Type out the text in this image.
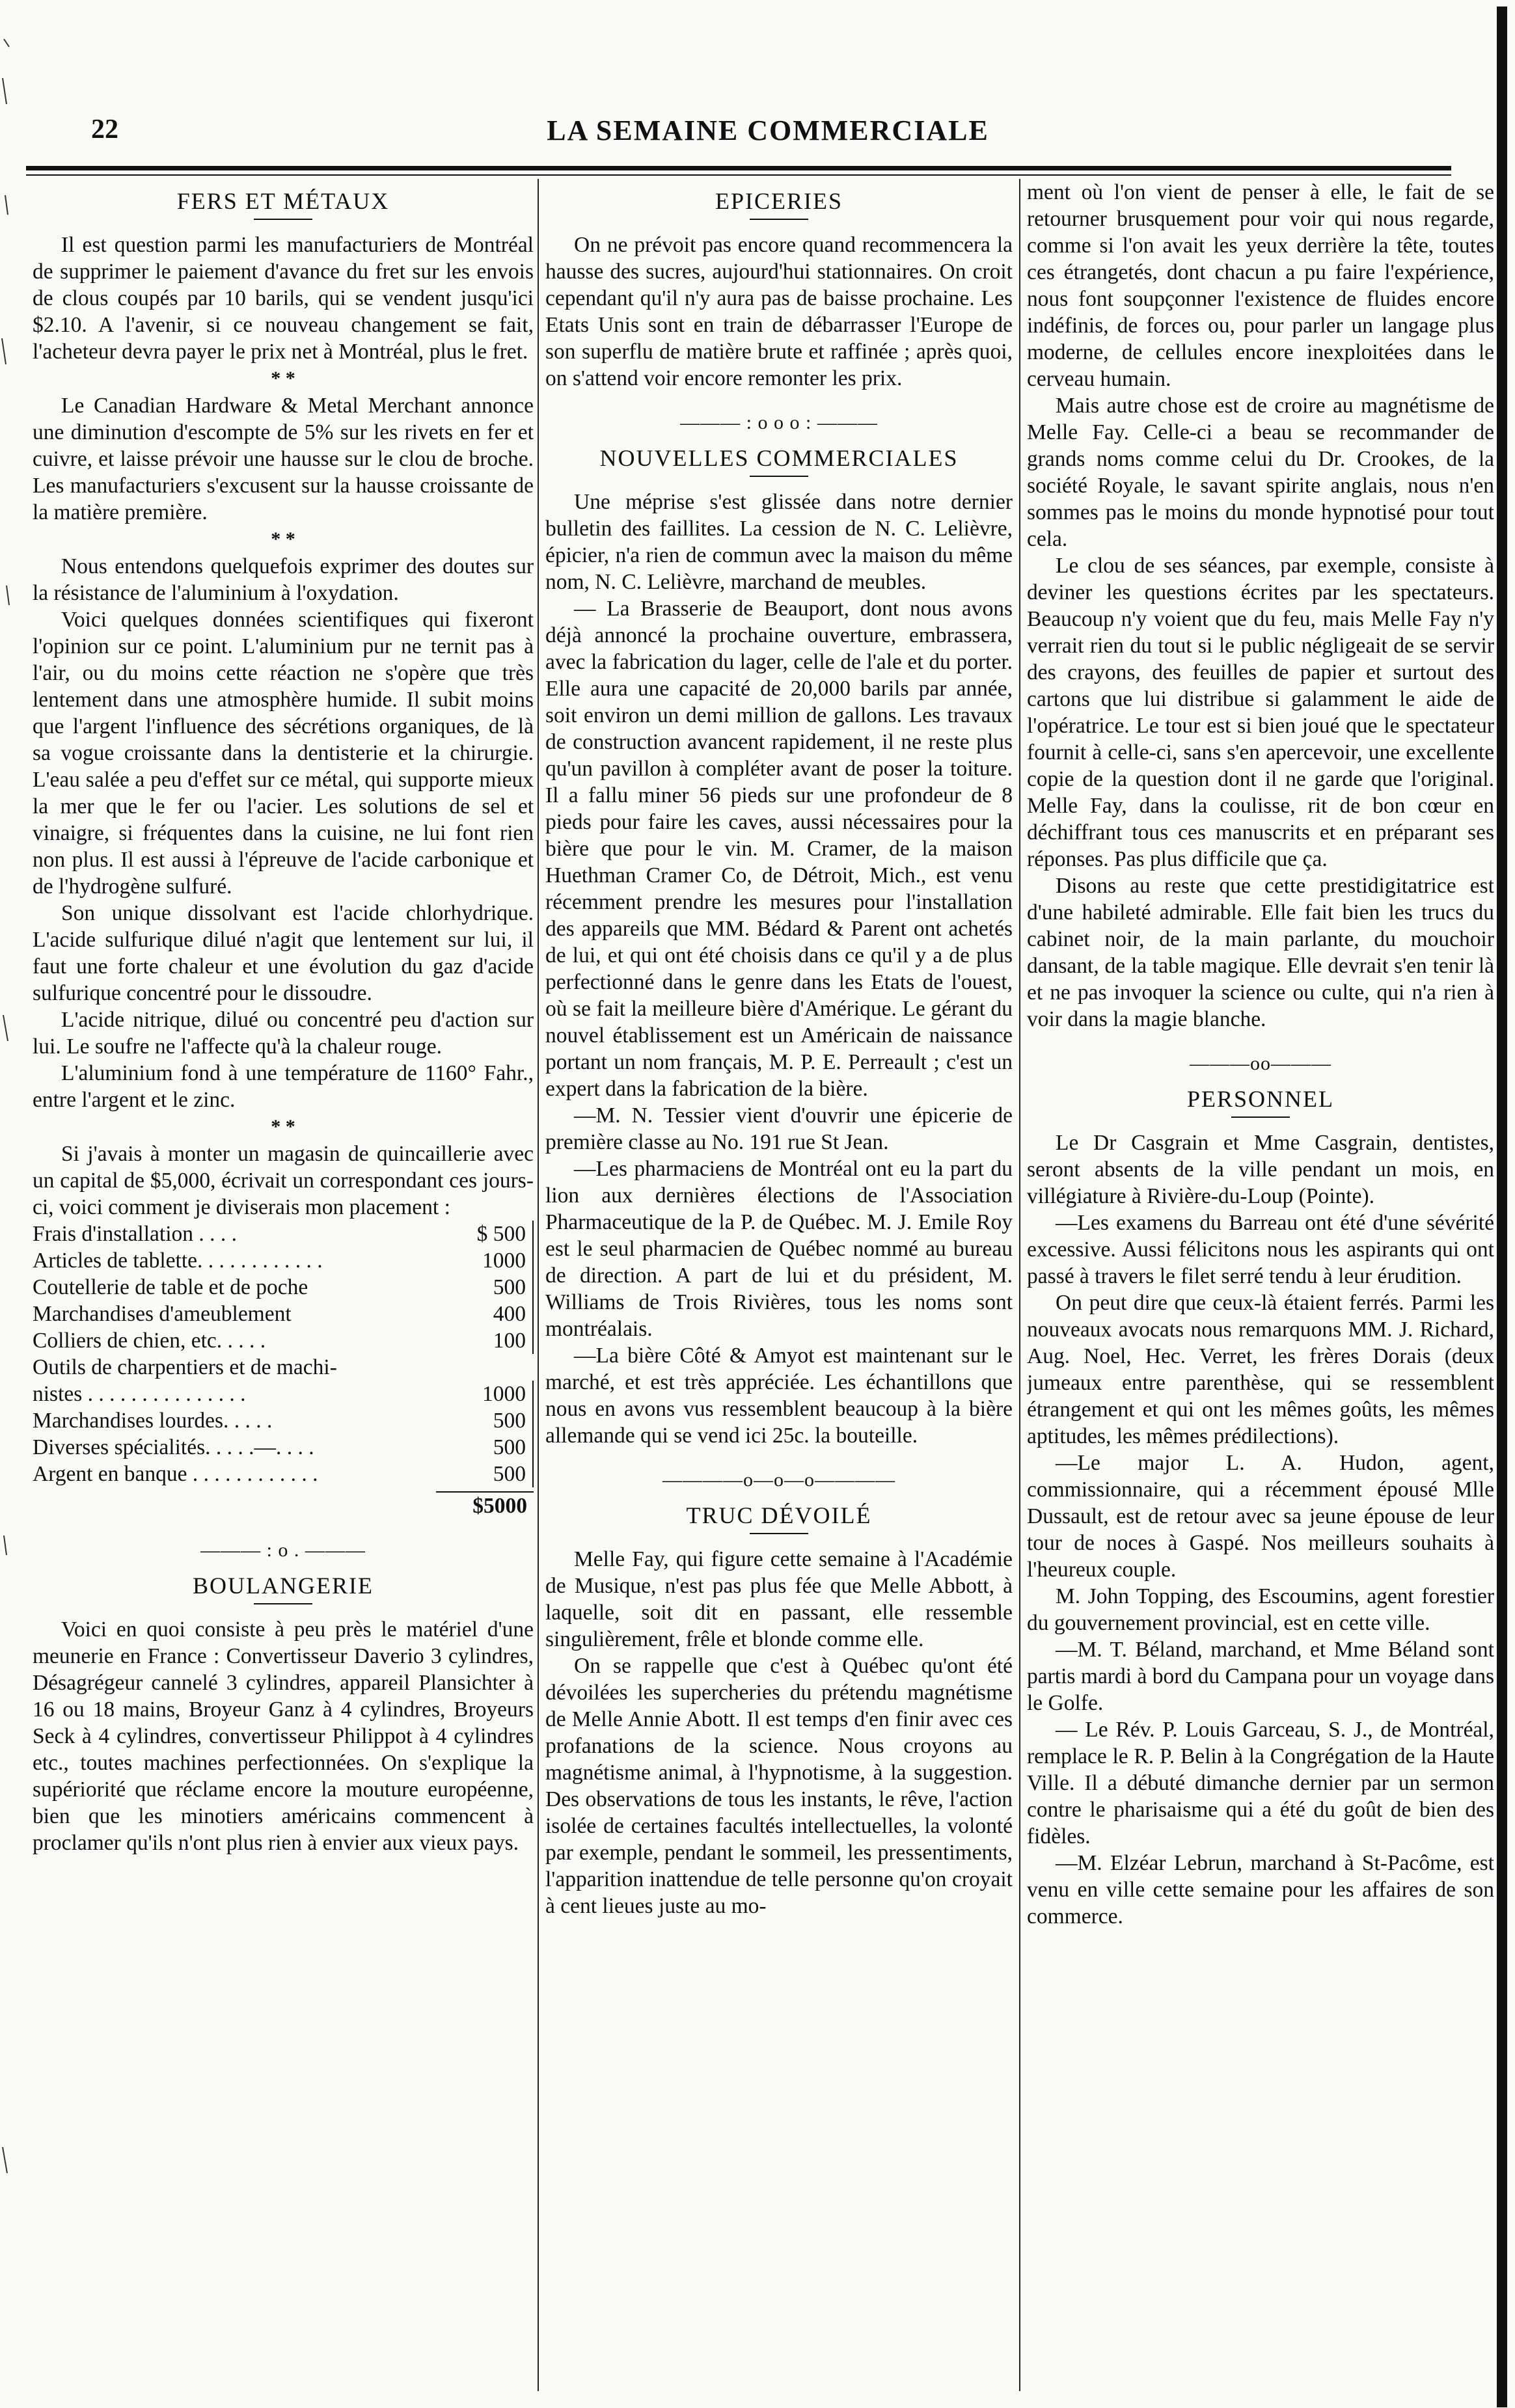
22	LA SEMAINE COMMERCIALE
FERS ET MÉTAUX

Il est question parmi les manufacturiers de Montréal de supprimer le paiement d'avance du fret sur les envois de clous coupés par 10 barils, qui se vendent jusqu'ici $2.10. A l'avenir, si ce nouveau changement se fait, l'acheteur devra payer le prix net à Montréal, plus le fret.

* *

Le Canadian Hardware & Metal Merchant annonce une diminution d'escompte de 5% sur les rivets en fer et cuivre, et laisse prévoir une hausse sur le clou de broche. Les manufacturiers s'excusent sur la hausse croissante de la matière première.

* *

Nous entendons quelquefois exprimer des doutes sur la résistance de l'aluminium à l'oxydation.

Voici quelques données scientifiques qui fixeront l'opinion sur ce point. L'aluminium pur ne ternit pas à l'air, ou du moins cette réaction ne s'opère que très lentement dans une atmosphère humide. Il subit moins que l'argent l'influence des sécrétions organiques, de là sa vogue croissante dans la dentisterie et la chirurgie. L'eau salée a peu d'effet sur ce métal, qui supporte mieux la mer que le fer ou l'acier. Les solutions de sel et vinaigre, si fréquentes dans la cuisine, ne lui font rien non plus. Il est aussi à l'épreuve de l'acide carbonique et de l'hydrogène sulfuré.

Son unique dissolvant est l'acide chlorhydrique. L'acide sulfurique dilué n'agit que lentement sur lui, il faut une forte chaleur et une évolution du gaz d'acide sulfurique concentré pour le dissoudre.

L'acide nitrique, dilué ou concentré peu d'action sur lui. Le soufre ne l'affecte qu'à la chaleur rouge.

L'aluminium fond à une température de 1160° Fahr., entre l'argent et le zinc.

* *

Si j'avais à monter un magasin de quincaillerie avec un capital de $5,000, écrivait un correspondant ces jours-ci, voici comment je diviserais mon placement :

Frais d'installation . . . .	$ 500
Articles de tablette. . . . . . . . . . . .	1000
Coutellerie de table et de poche	500
Marchandises d'ameublement	400
Colliers de chien, etc. . . . .	100
Outils de charpentiers et de machi-
nistes . . . . . . . . . . . . . . .	1000
Marchandises lourdes. . . . .	500
Diverses spécialités. . . . .—. . . .	500
Argent en banque . . . . . . . . . . . .	500
$5000
——— : o . ———
BOULANGERIE

Voici en quoi consiste à peu près le matériel d'une meunerie en France : Convertisseur Daverio 3 cylindres, Désagrégeur cannelé 3 cylindres, appareil Plansichter à 16 ou 18 mains, Broyeur Ganz à 4 cylindres, Broyeurs Seck à 4 cylindres, convertisseur Philippot à 4 cylindres etc., toutes machines perfectionnées. On s'explique la supériorité que réclame encore la mouture européenne, bien que les minotiers américains commencent à proclamer qu'ils n'ont plus rien à envier aux vieux pays.

EPICERIES

On ne prévoit pas encore quand recommencera la hausse des sucres, aujourd'hui stationnaires. On croit cependant qu'il n'y aura pas de baisse prochaine. Les Etats Unis sont en train de débarrasser l'Europe de son superflu de matière brute et raffinée ; après quoi, on s'attend voir encore remonter les prix.

——— : o o o : ———
NOUVELLES COMMERCIALES

Une méprise s'est glissée dans notre dernier bulletin des faillites. La cession de N. C. Lelièvre, épicier, n'a rien de commun avec la maison du même nom, N. C. Lelièvre, marchand de meubles.

— La Brasserie de Beauport, dont nous avons déjà annoncé la prochaine ouverture, embrassera, avec la fabrication du lager, celle de l'ale et du porter. Elle aura une capacité de 20,000 barils par année, soit environ un demi million de gallons. Les travaux de construction avancent rapidement, il ne reste plus qu'un pavillon à compléter avant de poser la toiture. Il a fallu miner 56 pieds sur une profondeur de 8 pieds pour faire les caves, aussi nécessaires pour la bière que pour le vin. M. Cramer, de la maison Huethman Cramer Co, de Détroit, Mich., est venu récemment prendre les mesures pour l'installation des appareils que MM. Bédard & Parent ont achetés de lui, et qui ont été choisis dans ce qu'il y a de plus perfectionné dans le genre dans les Etats de l'ouest, où se fait la meilleure bière d'Amérique. Le gérant du nouvel établissement est un Américain de naissance portant un nom français, M. P. E. Perreault ; c'est un expert dans la fabrication de la bière.

—M. N. Tessier vient d'ouvrir une épicerie de première classe au No. 191 rue St Jean.

—Les pharmaciens de Montréal ont eu la part du lion aux dernières élections de l'Association Pharmaceutique de la P. de Québec. M. J. Emile Roy est le seul pharmacien de Québec nommé au bureau de direction. A part de lui et du président, M. Williams de Trois Rivières, tous les noms sont montréalais.

—La bière Côté & Amyot est maintenant sur le marché, et est très appréciée. Les échantillons que nous en avons vus ressemblent beaucoup à la bière allemande qui se vend ici 25c. la bouteille.

————o—o—o————
TRUC DÉVOILÉ

Melle Fay, qui figure cette semaine à l'Académie de Musique, n'est pas plus fée que Melle Abbott, à laquelle, soit dit en passant, elle ressemble singulièrement, frêle et blonde comme elle.

On se rappelle que c'est à Québec qu'ont été dévoilées les supercheries du prétendu magnétisme de Melle Annie Abott. Il est temps d'en finir avec ces profanations de la science. Nous croyons au magnétisme animal, à l'hypnotisme, à la suggestion. Des observations de tous les instants, le rêve, l'action isolée de certaines facultés intellectuelles, la volonté par exemple, pendant le sommeil, les pressentiments, l'apparition inattendue de telle personne qu'on croyait à cent lieues juste au mo-

ment où l'on vient de penser à elle, le fait de se retourner brusquement pour voir qui nous regarde, comme si l'on avait les yeux derrière la tête, toutes ces étrangetés, dont chacun a pu faire l'expérience, nous font soupçonner l'existence de fluides encore indéfinis, de forces ou, pour parler un langage plus moderne, de cellules encore inexploitées dans le cerveau humain.

Mais autre chose est de croire au magnétisme de Melle Fay. Celle-ci a beau se recommander de grands noms comme celui du Dr. Crookes, de la société Royale, le savant spirite anglais, nous n'en sommes pas le moins du monde hypnotisé pour tout cela.

Le clou de ses séances, par exemple, consiste à deviner les questions écrites par les spectateurs. Beaucoup n'y voient que du feu, mais Melle Fay n'y verrait rien du tout si le public négligeait de se servir des crayons, des feuilles de papier et surtout des cartons que lui distribue si galamment le aide de l'opératrice. Le tour est si bien joué que le spectateur fournit à celle-ci, sans s'en apercevoir, une excellente copie de la question dont il ne garde que l'original. Melle Fay, dans la coulisse, rit de bon cœur en déchiffrant tous ces manuscrits et en préparant ses réponses. Pas plus difficile que ça.

Disons au reste que cette prestidigitatrice est d'une habileté admirable. Elle fait bien les trucs du cabinet noir, de la main parlante, du mouchoir dansant, de la table magique. Elle devrait s'en tenir là et ne pas invoquer la science ou culte, qui n'a rien à voir dans la magie blanche.

———oo———
PERSONNEL

Le Dr Casgrain et Mme Casgrain, dentistes, seront absents de la ville pendant un mois, en villégiature à Rivière-du-Loup (Pointe).

—Les examens du Barreau ont été d'une sévérité excessive. Aussi félicitons nous les aspirants qui ont passé à travers le filet serré tendu à leur érudition.

On peut dire que ceux-là étaient ferrés. Parmi les nouveaux avocats nous remarquons MM. J. Richard, Aug. Noel, Hec. Verret, les frères Dorais (deux jumeaux entre parenthèse, qui se ressemblent étrangement et qui ont les mêmes goûts, les mêmes aptitudes, les mêmes prédilections).

—Le major L. A. Hudon, agent, commissionnaire, qui a récemment épousé Mlle Dussault, est de retour avec sa jeune épouse de leur tour de noces à Gaspé. Nos meilleurs souhaits à l'heureux couple.

M. John Topping, des Escoumins, agent forestier du gouvernement provincial, est en cette ville.

—M. T. Béland, marchand, et Mme Béland sont partis mardi à bord du Campana pour un voyage dans le Golfe.

— Le Rév. P. Louis Garceau, S. J., de Montréal, remplace le R. P. Belin à la Congrégation de la Haute Ville. Il a débuté dimanche dernier par un sermon contre le pharisaisme qui a été du goût de bien des fidèles.

—M. Elzéar Lebrun, marchand à St-Pacôme, est venu en ville cette semaine pour les affaires de son commerce.
